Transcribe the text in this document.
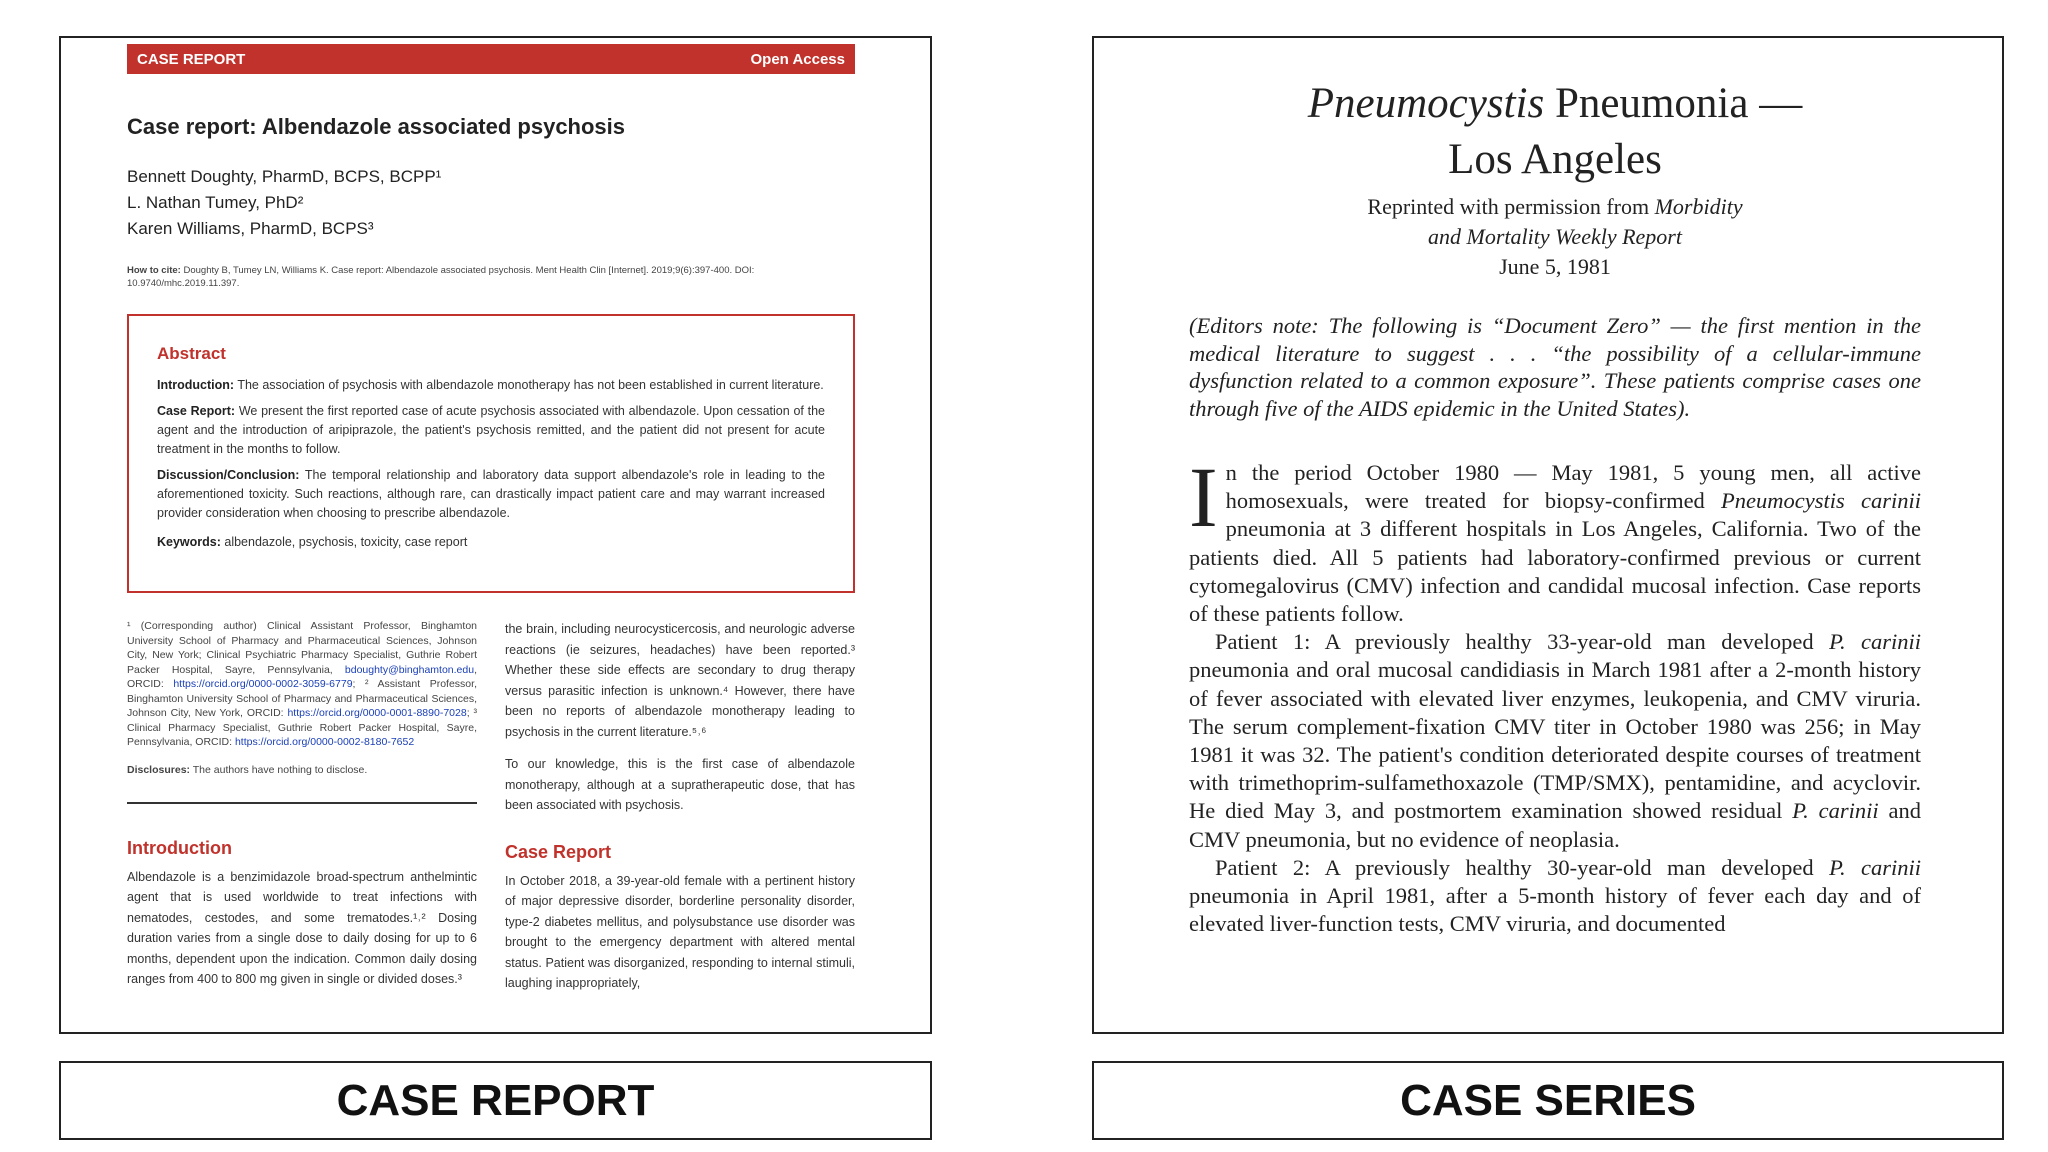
CASE REPORT	Open Access
Case report: Albendazole associated psychosis
Bennett Doughty, PharmD, BCPS, BCPP¹
L. Nathan Tumey, PhD²
Karen Williams, PharmD, BCPS³
How to cite: Doughty B, Tumey LN, Williams K. Case report: Albendazole associated psychosis. Ment Health Clin [Internet]. 2019;9(6):397-400. DOI: 10.9740/mhc.2019.11.397.
Abstract

Introduction: The association of psychosis with albendazole monotherapy has not been established in current literature.

Case Report: We present the first reported case of acute psychosis associated with albendazole. Upon cessation of the agent and the introduction of aripiprazole, the patient's psychosis remitted, and the patient did not present for acute treatment in the months to follow.

Discussion/Conclusion: The temporal relationship and laboratory data support albendazole's role in leading to the aforementioned toxicity. Such reactions, although rare, can drastically impact patient care and may warrant increased provider consideration when choosing to prescribe albendazole.

Keywords: albendazole, psychosis, toxicity, case report

¹ (Corresponding author) Clinical Assistant Professor, Binghamton University School of Pharmacy and Pharmaceutical Sciences, Johnson City, New York; Clinical Psychiatric Pharmacy Specialist, Guthrie Robert Packer Hospital, Sayre, Pennsylvania, bdoughty@binghamton.edu, ORCID: https://orcid.org/0000-0002-3059-6779; ² Assistant Professor, Binghamton University School of Pharmacy and Pharmaceutical Sciences, Johnson City, New York, ORCID: https://orcid.org/0000-0001-8890-7028; ³ Clinical Pharmacy Specialist, Guthrie Robert Packer Hospital, Sayre, Pennsylvania, ORCID: https://orcid.org/0000-0002-8180-7652
Disclosures: The authors have nothing to disclose.
Introduction
Albendazole is a benzimidazole broad-spectrum anthelmintic agent that is used worldwide to treat infections with nematodes, cestodes, and some trematodes.¹˒² Dosing duration varies from a single dose to daily dosing for up to 6 months, dependent upon the indication. Common daily dosing ranges from 400 to 800 mg given in single or divided doses.³
the brain, including neurocysticercosis, and neurologic adverse reactions (ie seizures, headaches) have been reported.³ Whether these side effects are secondary to drug therapy versus parasitic infection is unknown.⁴ However, there have been no reports of albendazole monotherapy leading to psychosis in the current literature.⁵˒⁶
To our knowledge, this is the first case of albendazole monotherapy, although at a supratherapeutic dose, that has been associated with psychosis.
Case Report
In October 2018, a 39-year-old female with a pertinent history of major depressive disorder, borderline personality disorder, type-2 diabetes mellitus, and polysubstance use disorder was brought to the emergency department with altered mental status. Patient was disorganized, responding to internal stimuli, laughing inappropriately,
Pneumocystis Pneumonia —
Los Angeles
Reprinted with permission from Morbidity
and Mortality Weekly Report
June 5, 1981
(Editors note: The following is “Document Zero” — the first mention in the medical literature to suggest . . . “the possibility of a cellular-immune dysfunction related to a common exposure”. These patients comprise cases one through five of the AIDS epidemic in the United States).
In the period October 1980 — May 1981, 5 young men, all active homosexuals, were treated for biopsy-confirmed Pneumocystis carinii pneumonia at 3 different hospitals in Los Angeles, California. Two of the patients died. All 5 patients had laboratory-confirmed previous or current cytomegalovirus (CMV) infection and candidal mucosal infection. Case reports of these patients follow.
Patient 1: A previously healthy 33-year-old man developed P. carinii pneumonia and oral mucosal candidiasis in March 1981 after a 2-month history of fever associated with elevated liver enzymes, leukopenia, and CMV viruria. The serum complement-fixation CMV titer in October 1980 was 256; in May 1981 it was 32. The patient's condition deteriorated despite courses of treatment with trimethoprim-sulfamethoxazole (TMP/SMX), pentamidine, and acyclovir. He died May 3, and postmortem examination showed residual P. carinii and CMV pneumonia, but no evidence of neoplasia.
Patient 2: A previously healthy 30-year-old man developed P. carinii pneumonia in April 1981, after a 5-month history of fever each day and of elevated liver-function tests, CMV viruria, and documented
CASE REPORT	CASE SERIES
